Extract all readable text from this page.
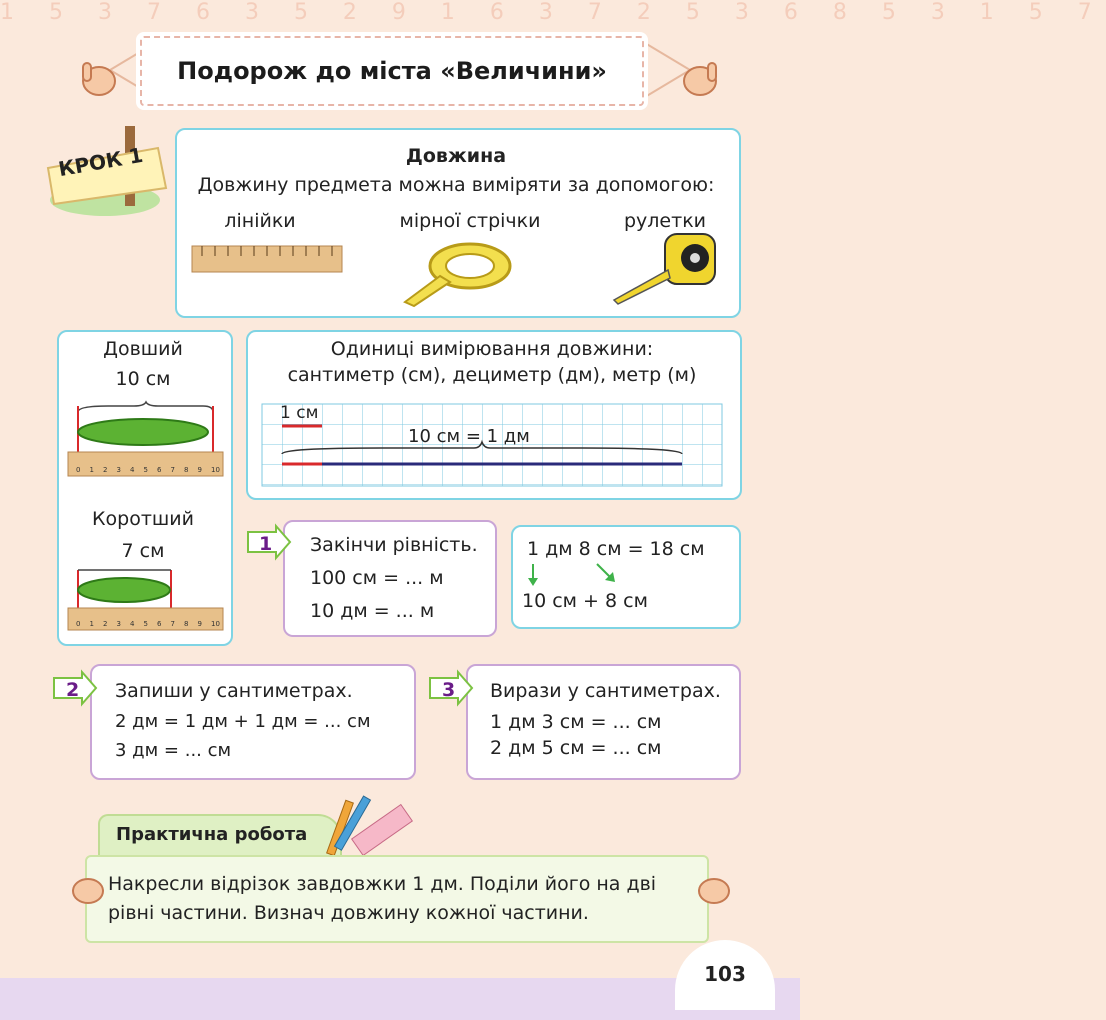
1 5 3 7 6 3 5 2 9 1 6 3 7 2 5 3 6 8 5 3 1 5 7
Подорож до міста «Величини»
КРОК 1	Довжина
Довжину предмета можна виміряти за допомогою:
лінійки	мірної стрічки	рулетки
Довший
10 см
0 1 2 3 4 5 6 7 8 9 10
Коротший
7 см
0 1 2 3 4 5 6 7 8 9 10
Одиниці вимірювання довжини:
сантиметр (см), дециметр (дм), метр (м)
1 см
10 см = 1 дм
1 Закінчи рівність.
100 см = ... м
10 дм = ... м
1 дм 8 см = 18 см
10 см + 8 см
2 Запиши у сантиметрах.
2 дм = 1 дм + 1 дм = ... см
3 дм = ... см
3 Вирази у сантиметрах.
1 дм 3 см = ... см
2 дм 5 см = ... см
Практична робота
Накресли відрізок завдовжки 1 дм. Поділи його на дві
рівні частини. Визнач довжину кожної частини.
103
